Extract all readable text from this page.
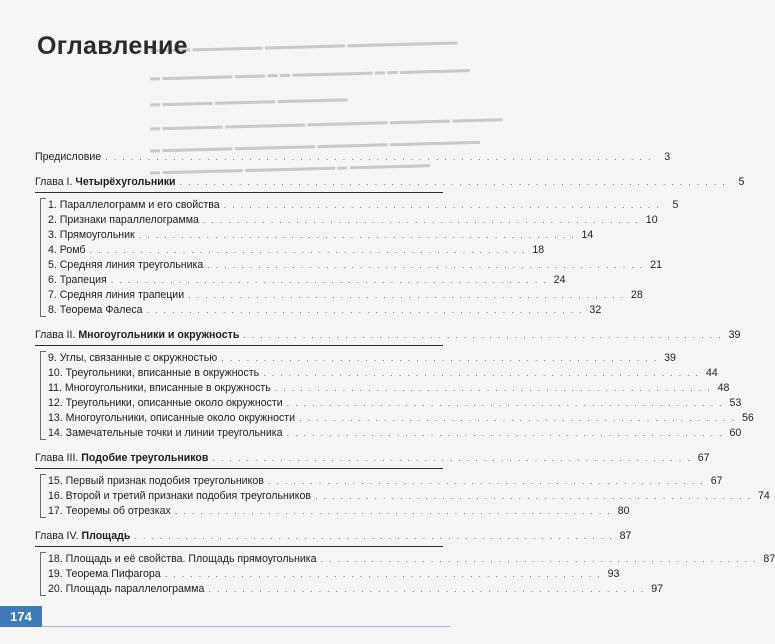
▬▬▬▬ ▬▬▬▬▬▬▬ ▬▬▬▬▬▬▬▬ ▬▬▬▬▬▬▬▬▬▬▬
▬ ▬▬▬▬▬▬▬ ▬▬▬ ▬ ▬ ▬▬▬▬▬▬▬▬ ▬ ▬ ▬▬▬▬▬▬▬
▬ ▬▬▬▬▬ ▬▬▬▬▬▬ ▬▬▬▬▬▬▬
▬ ▬▬▬▬▬▬ ▬▬▬▬▬▬▬▬ ▬▬▬▬▬▬▬▬ ▬▬▬▬▬▬ ▬▬▬▬▬
▬ ▬▬▬▬▬▬▬ ▬▬▬▬▬▬▬▬ ▬▬▬▬▬▬▬ ▬▬▬▬▬▬▬▬▬
▬ ▬▬▬▬▬▬▬▬ ▬▬▬▬▬▬▬▬▬ ▬ ▬▬▬▬▬▬▬▬
Оглавление
Предисловие . . . . . . . . . . . . . . . . . . . . . . . . . . . . . . . . . . . . . . . . . . . . . . . . . . . . . . . . . . . . . . . . .	3
Глава I. Четырёхугольники . . . . . . . . . . . . . . . . . . . . . . . . . . . . . . . . . . . . . . . . . . . . . . . . . . . . . . . . . . . . . . . . .	5
1. Параллелограмм и его свойства . . . . . . . . . . . . . . . . . . . . . . . . . . . . . . . . . . . . . . . . . . . . . . . . . . . .	5
2. Признаки параллелограмма . . . . . . . . . . . . . . . . . . . . . . . . . . . . . . . . . . . . . . . . . . . . . . . . . . . . 10
3. Прямоугольник . . . . . . . . . . . . . . . . . . . . . . . . . . . . . . . . . . . . . . . . . . . . . . . . . . . . 14
4. Ромб . . . . . . . . . . . . . . . . . . . . . . . . . . . . . . . . . . . . . . . . . . . . . . . . . . . . 18
5. Средняя линия треугольника . . . . . . . . . . . . . . . . . . . . . . . . . . . . . . . . . . . . . . . . . . . . . . . . . . . . 21
6. Трапеция . . . . . . . . . . . . . . . . . . . . . . . . . . . . . . . . . . . . . . . . . . . . . . . . . . . . 24
7. Средняя линия трапеции . . . . . . . . . . . . . . . . . . . . . . . . . . . . . . . . . . . . . . . . . . . . . . . . . . . . 28
8. Теорема Фалеса . . . . . . . . . . . . . . . . . . . . . . . . . . . . . . . . . . . . . . . . . . . . . . . . . . . . 32
Глава II. Многоугольники и окружность . . . . . . . . . . . . . . . . . . . . . . . . . . . . . . . . . . . . . . . . . . . . . . . . . . . . . . . . . 39
9. Углы, связанные с окружностью . . . . . . . . . . . . . . . . . . . . . . . . . . . . . . . . . . . . . . . . . . . . . . . . . . . . 39
10. Треугольники, вписанные в окружность . . . . . . . . . . . . . . . . . . . . . . . . . . . . . . . . . . . . . . . . . . . . . . . . . . . . 44
11. Многоугольники, вписанные в окружность . . . . . . . . . . . . . . . . . . . . . . . . . . . . . . . . . . . . . . . . . . . . . . . . . . . . 48
12. Треугольники, описанные около окружности . . . . . . . . . . . . . . . . . . . . . . . . . . . . . . . . . . . . . . . . . . . . . . . . . . . . 53
13. Многоугольники, описанные около окружности . . . . . . . . . . . . . . . . . . . . . . . . . . . . . . . . . . . . . . . . . . . . . . . . . . . . 56
14. Замечательные точки и линии треугольника . . . . . . . . . . . . . . . . . . . . . . . . . . . . . . . . . . . . . . . . . . . . . . . . . . . . 60
Глава III. Подобие треугольников . . . . . . . . . . . . . . . . . . . . . . . . . . . . . . . . . . . . . . . . . . . . . . . . . . . . . . . . . 67
15. Первый признак подобия треугольников . . . . . . . . . . . . . . . . . . . . . . . . . . . . . . . . . . . . . . . . . . . . . . . . . . . . 67
16. Второй и третий признаки подобия треугольников . . . . . . . . . . . . . . . . . . . . . . . . . . . . . . . . . . . . . . . . . . . . . . . . . . . . 74
17. Теоремы об отрезках . . . . . . . . . . . . . . . . . . . . . . . . . . . . . . . . . . . . . . . . . . . . . . . . . . . . 80
Глава IV. Площадь . . . . . . . . . . . . . . . . . . . . . . . . . . . . . . . . . . . . . . . . . . . . . . . . . . . . . . . . . 87
18. Площадь и её свойства. Площадь прямоугольника . . . . . . . . . . . . . . . . . . . . . . . . . . . . . . . . . . . . . . . . . . . . . . . . . . . . 87
19. Теорема Пифагора . . . . . . . . . . . . . . . . . . . . . . . . . . . . . . . . . . . . . . . . . . . . . . . . . . . . 93
20. Площадь параллелограмма . . . . . . . . . . . . . . . . . . . . . . . . . . . . . . . . . . . . . . . . . . . . . . . . . . . . 97
174
